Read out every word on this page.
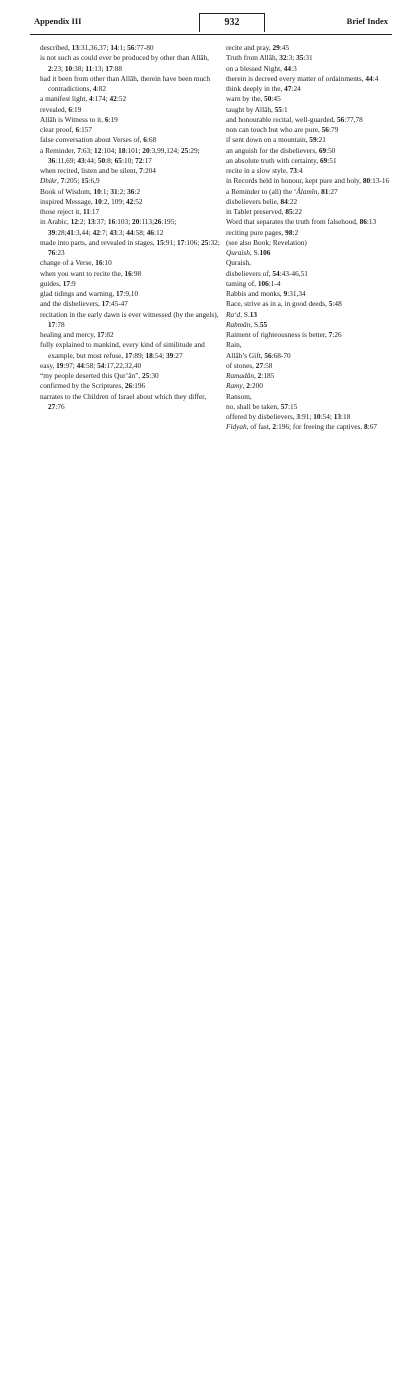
Appendix III	932	Brief Index

described, 13:31,36,37; 14:1; 56:77-80

is not such as could ever be produced by other than Allâh, 2:23; 10:38; 11:13; 17:88

had it been from other than Allâh, therein have been much contradictions, 4:82

a manifest light, 4:174; 42:52

revealed, 6:19

Allâh is Witness to it, 6:19

clear proof, 6:157

false conversation about Verses of, 6:68

a Reminder, 7:63; 12:104; 18:101; 20:3,99,124; 25:29; 36:11,69; 43:44; 50:8; 65:10; 72:17

when recited, listen and be silent, 7:204

Dhikr, 7:205; 15:6,9

Book of Wisdom, 10:1; 31:2; 36:2

inspired Message, 10:2, 109; 42:52

those reject it, 11:17

in Arabic, 12:2; 13:37; 16:103; 20:113;26:195; 39:28;41:3,44; 42:7; 43:3; 44:58; 46:12

made into parts, and revealed in stages, 15:91; 17:106; 25:32; 76:23

change of a Verse, 16:10

when you want to recite the, 16:98

guides, 17:9

glad tidings and warning, 17:9,10

and the disbelievers, 17:45-47

recitation in the early dawn is ever witnessed (by the angels), 17:78

healing and mercy, 17:82

fully explained to mankind, every kind of similitude and example, but most refuse, 17:89; 18:54; 39:27

easy, 19:97; 44:58; 54:17,22,32,40

“my people deserted this Qur’ân”, 25:30

confirmed by the Scriptures, 26:196

narrates to the Children of Israel about which they differ, 27:76

recite and pray, 29:45

Truth from Allâh, 32:3; 35:31

on a blessed Night, 44:3

therein is decreed every matter of ordainments, 44:4

think deeply in the, 47:24

warn by the, 50:45

taught by Allâh, 55:1

and honourable recital, well-guarded, 56:77,78

non can touch but who are pure, 56:79

if sent down on a mountain, 59:21

an anguish for the disbelievers, 69:50

an absolute truth with certainty, 69:51

recite in a slow style, 73:4

in Records held in honour, kept pure and holy, 80:13-16

a Reminder to (all) the ‘Âlamîn, 81:27

disbelievers belie, 84:22

in Tablet preserved, 85:22

Word that separates the truth from falsehood, 86:13

reciting pure pages, 98:2

(see also Book; Revelation)

Quraish, S.106

Quraish,

disbelievers of, 54:43-46,51

taming of, 106:1-4

Rabbis and monks, 9:31,34

Race, strive as in a, in good deeds, 5:48

Ra‘d, S.13

Rahmân, S.55

Raiment of righteousness is better, 7:26

Rain,

Allâh’s Gift, 56:68-70

of stones, 27:58

Ramadân, 2:185

Ramy, 2:200

Ransom,

no, shall be taken, 57:15

offered by disbelievers, 3:91; 10:54; 13:18

Fidyah, of fast, 2:196; for freeing the captives, 8:67
